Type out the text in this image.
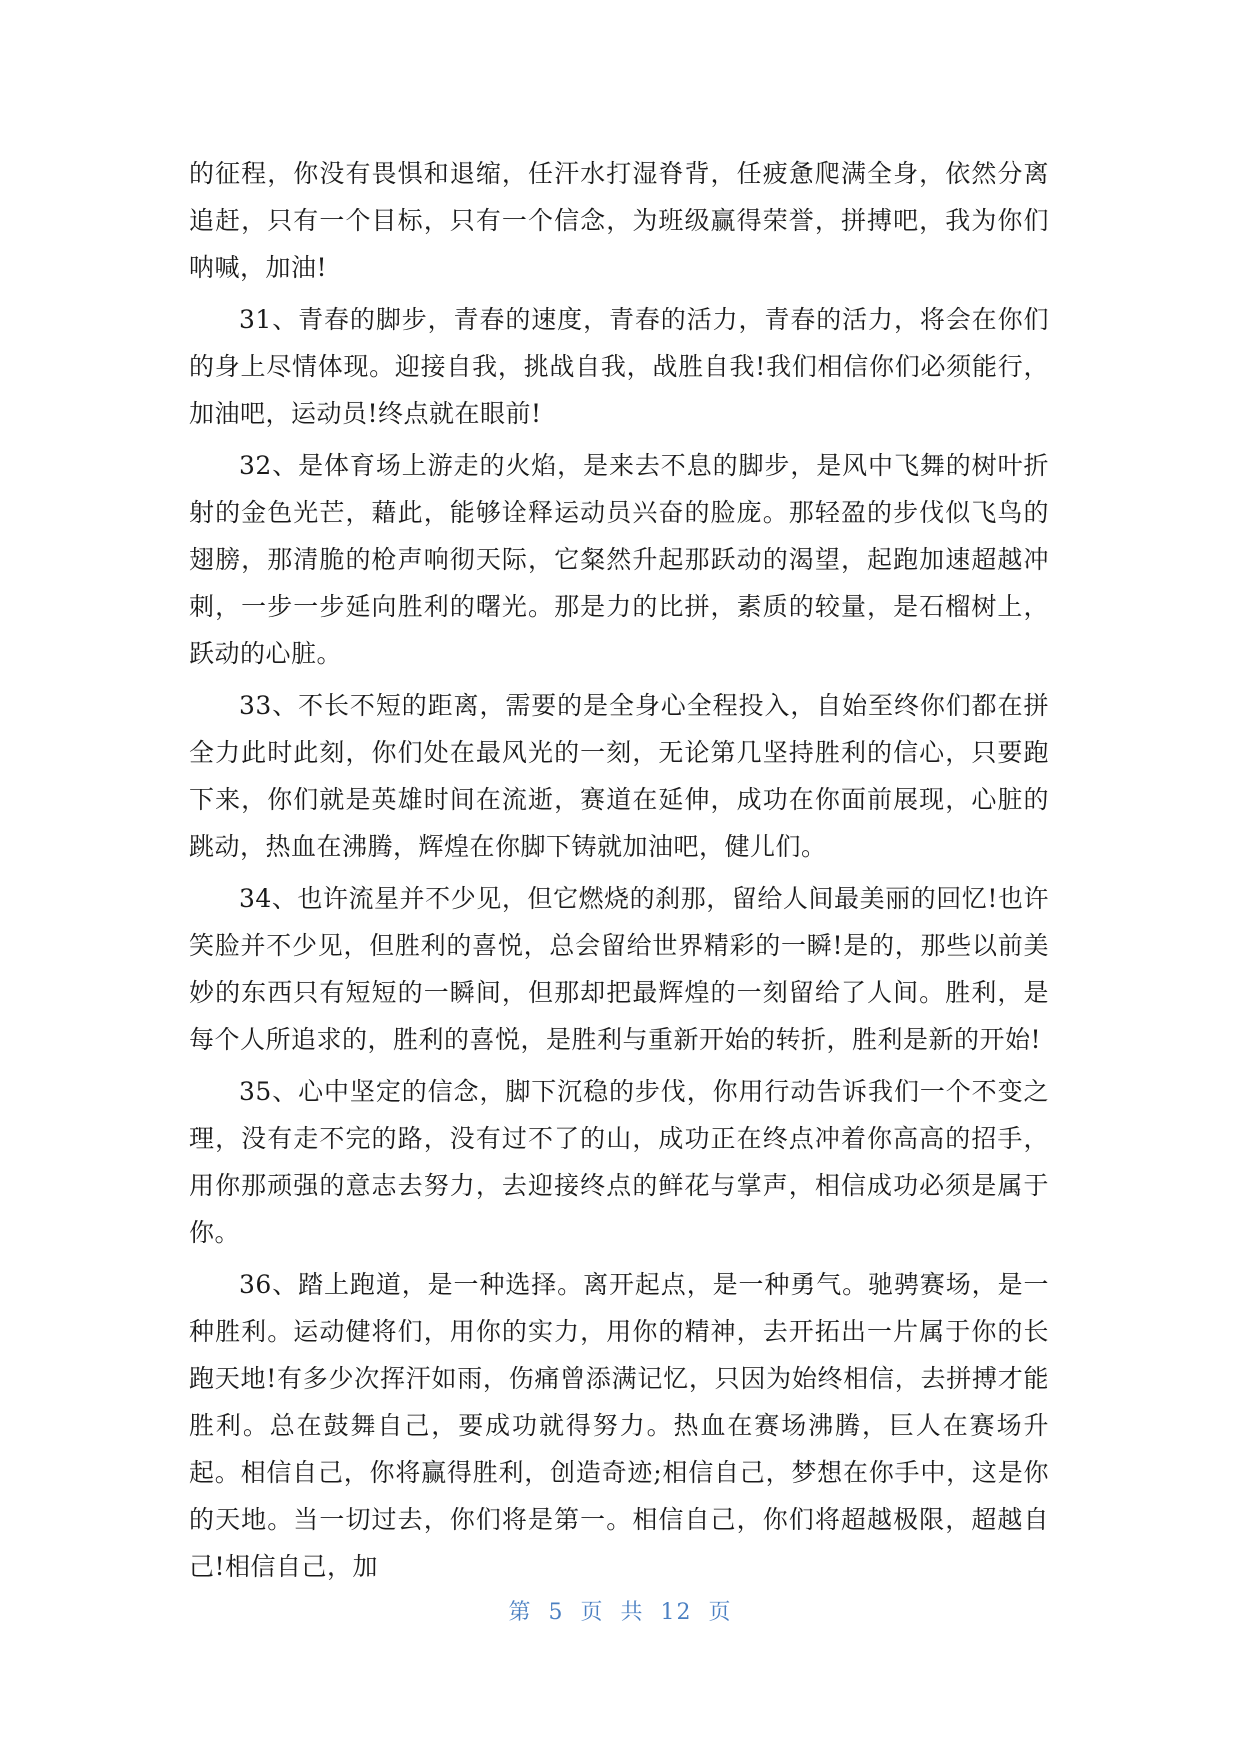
的征程，你没有畏惧和退缩，任汗水打湿脊背，任疲惫爬满全身，依然分离追赶，只有一个目标，只有一个信念，为班级赢得荣誉，拼搏吧，我为你们呐喊，加油!

31、青春的脚步，青春的速度，青春的活力，青春的活力，将会在你们的身上尽情体现。迎接自我，挑战自我，战胜自我!我们相信你们必须能行，加油吧，运动员!终点就在眼前!

32、是体育场上游走的火焰，是来去不息的脚步，是风中飞舞的树叶折射的金色光芒，藉此，能够诠释运动员兴奋的脸庞。那轻盈的步伐似飞鸟的翅膀，那清脆的枪声响彻天际，它粲然升起那跃动的渴望，起跑加速超越冲刺，一步一步延向胜利的曙光。那是力的比拼，素质的较量，是石榴树上，跃动的心脏。

33、不长不短的距离，需要的是全身心全程投入，自始至终你们都在拼全力此时此刻，你们处在最风光的一刻，无论第几坚持胜利的信心，只要跑下来，你们就是英雄时间在流逝，赛道在延伸，成功在你面前展现，心脏的跳动，热血在沸腾，辉煌在你脚下铸就加油吧，健儿们。

34、也许流星并不少见，但它燃烧的刹那，留给人间最美丽的回忆!也许笑脸并不少见，但胜利的喜悦，总会留给世界精彩的一瞬!是的，那些以前美妙的东西只有短短的一瞬间，但那却把最辉煌的一刻留给了人间。胜利，是每个人所追求的，胜利的喜悦，是胜利与重新开始的转折，胜利是新的开始!

35、心中坚定的信念，脚下沉稳的步伐，你用行动告诉我们一个不变之理，没有走不完的路，没有过不了的山，成功正在终点冲着你高高的招手，用你那顽强的意志去努力，去迎接终点的鲜花与掌声，相信成功必须是属于你。

36、踏上跑道，是一种选择。离开起点，是一种勇气。驰骋赛场，是一种胜利。运动健将们，用你的实力，用你的精神，去开拓出一片属于你的长跑天地!有多少次挥汗如雨，伤痛曾添满记忆，只因为始终相信，去拼搏才能胜利。总在鼓舞自己，要成功就得努力。热血在赛场沸腾，巨人在赛场升起。相信自己，你将赢得胜利，创造奇迹;相信自己，梦想在你手中，这是你的天地。当一切过去，你们将是第一。相信自己，你们将超越极限，超越自己!相信自己，加

第 5 页 共 12 页
